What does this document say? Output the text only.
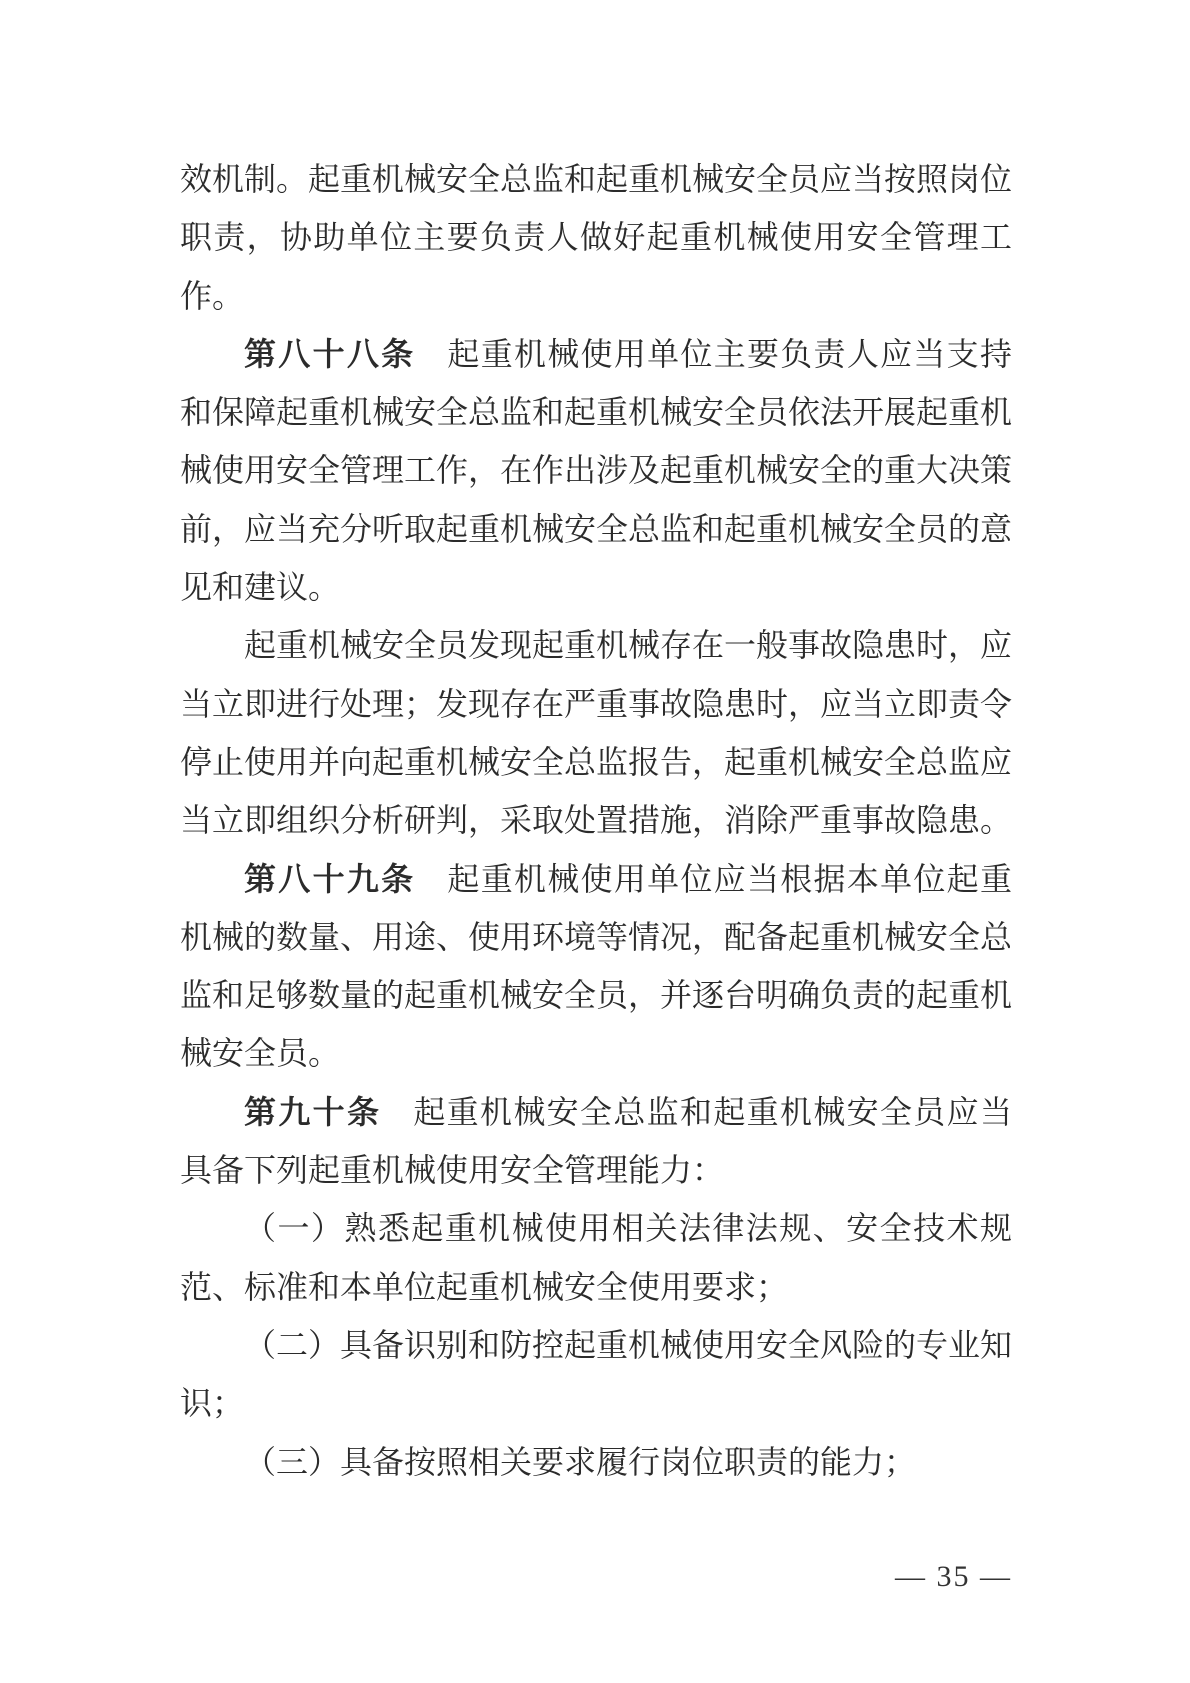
效机制。起重机械安全总监和起重机械安全员应当按照岗位职责，协助单位主要负责人做好起重机械使用安全管理工作。

第八十八条 起重机械使用单位主要负责人应当支持和保障起重机械安全总监和起重机械安全员依法开展起重机械使用安全管理工作，在作出涉及起重机械安全的重大决策前，应当充分听取起重机械安全总监和起重机械安全员的意见和建议。

起重机械安全员发现起重机械存在一般事故隐患时，应当立即进行处理；发现存在严重事故隐患时，应当立即责令停止使用并向起重机械安全总监报告，起重机械安全总监应当立即组织分析研判，采取处置措施，消除严重事故隐患。

第八十九条 起重机械使用单位应当根据本单位起重机械的数量、用途、使用环境等情况，配备起重机械安全总监和足够数量的起重机械安全员，并逐台明确负责的起重机械安全员。

第九十条 起重机械安全总监和起重机械安全员应当具备下列起重机械使用安全管理能力：

（一）熟悉起重机械使用相关法律法规、安全技术规范、标准和本单位起重机械安全使用要求；

（二）具备识别和防控起重机械使用安全风险的专业知识；

（三）具备按照相关要求履行岗位职责的能力；

— 35 —
